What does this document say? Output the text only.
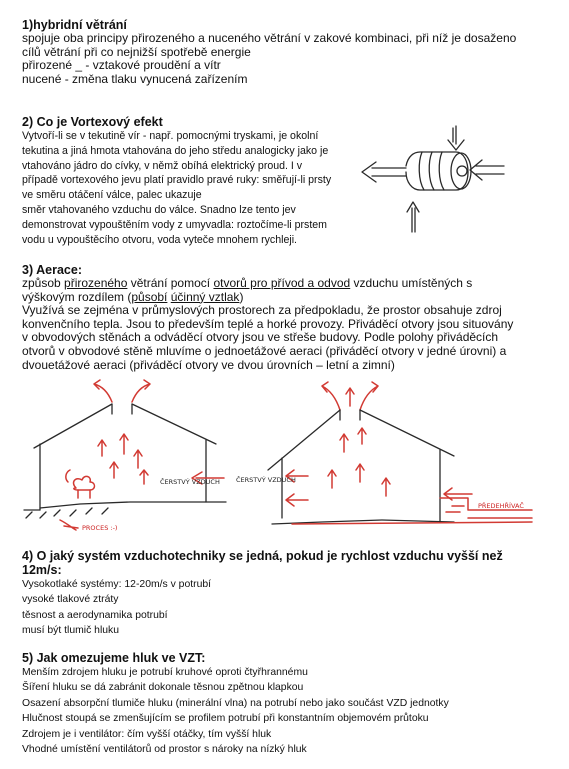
1)hybridní větrání
spojuje oba principy přirozeného a nuceného větrání v zakové kombinaci, při níž je dosaženo
cílů větrání při co nejnižší spotřebě energie
přirozené _ - vztakové proudění a vítr
nucené - změna tlaku vynucená zařízením
2) Co je Vortexový efekt
Vytvoří-li se v tekutině vír - např. pomocnými tryskami, je okolní
tekutina a jiná hmota vtahována do jeho středu analogicky jako je
vtahováno jádro do cívky, v němž obíhá elektrický proud. I v
případě vortexového jevu platí pravidlo pravé ruky: směřují-li prsty
ve směru otáčení válce, palec ukazuje
směr vtahovaného vzduchu do válce. Snadno lze tento jev
demonstrovat vypouštěním vody z umyvadla: roztočíme-li prstem
vodu u vypouštěcího otvoru, voda vyteče mnohem rychleji.
3) Aerace:
způsob přirozeného větrání pomocí otvorů pro přívod a odvod vzduchu umístěných s
výškovým rozdílem (působí účinný vztlak)
Využívá se zejména v průmyslových prostorech za předpokladu, že prostor obsahuje zdroj
konvenčního tepla. Jsou to především teplé a horké provozy. Přiváděcí otvory jsou situovány
v obvodových stěnách a odváděcí otvory jsou ve střeše budovy. Podle polohy přiváděcích
otvorů v obvodové stěně mluvíme o jednoetážové aeraci (přiváděcí otvory v jedné úrovni) a
dvouetážové aeraci (přiváděcí otvory ve dvou úrovních – letní a zimní)
ČERSTVÝ VZDUCH
PROCES :-)
ČERSTVÝ VZDUCH
PŘEDEHŘÍVAČ
4) O jaký systém vzduchotechniky se jedná, pokud je rychlost vzduchu vyšší než
12m/s:
Vysokotlaké systémy: 12-20m/s v potrubí
vysoké tlakové ztráty
těsnost a aerodynamika potrubí
musí být tlumič hluku
5) Jak omezujeme hluk ve VZT:
Menším zdrojem hluku je potrubí kruhové oproti čtyřhrannému
Šíření hluku se dá zabránit dokonale těsnou zpětnou klapkou
Osazení absorpční tlumiče hluku (minerální vlna) na potrubí nebo jako součást VZD jednotky
Hlučnost stoupá se zmenšujícím se profilem potrubí při konstantním objemovém průtoku
Zdrojem je i ventilátor: čím vyšší otáčky, tím vyšší hluk
Vhodné umístění ventilátorů od prostor s nároky na nízký hluk
